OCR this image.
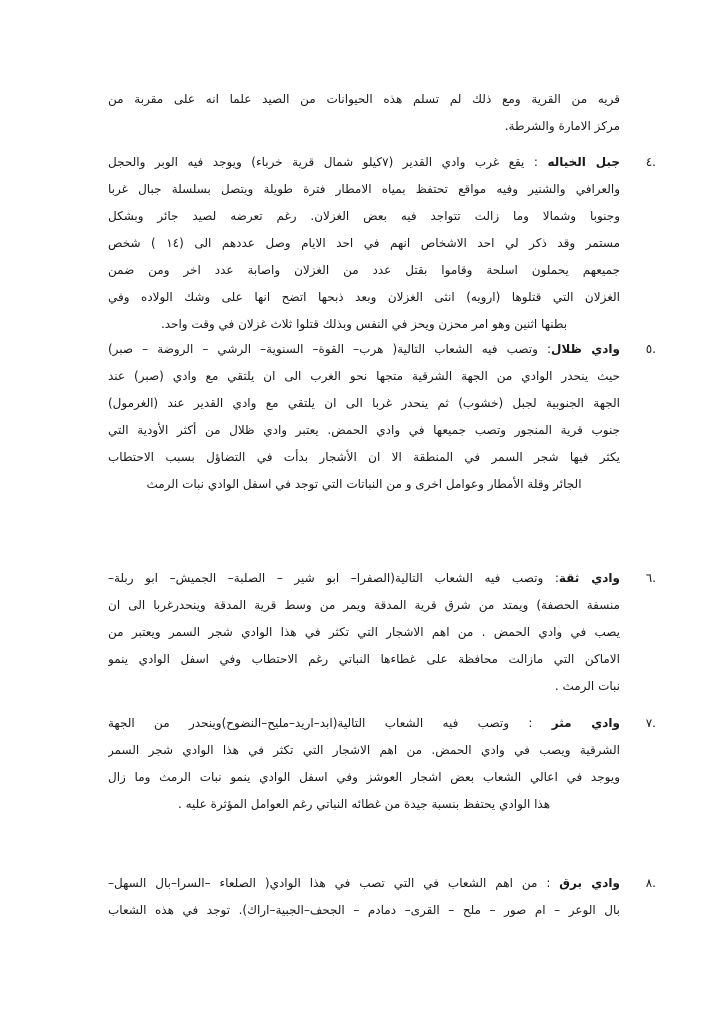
قريه من القرية ومع ذلك لم تسلم هذه الحيوانات من الصيد علما انه على مقربة من
مركز الامارة والشرطة.
.٤
جبل الخياله : يقع غرب وادي القدير (٧كيلو شمال قرية خرباء) ويوجد فيه الوبر والحجل
والعرافي والشنير وفيه مواقع تحتفظ بمياه الامطار فترة طويلة ويتصل بسلسلة جبال غربا
وجنوبا وشمالا وما زالت تتواجد فيه بعض الغزلان. رغم تعرضه لصيد جائر وبشكل
مستمر وقد ذكر لي احد الاشخاص انهم في احد الايام وصل عددهم الى (١٤ ) شخص
جميعهم يحملون اسلحة وقاموا بقتل عدد من الغزلان واصابة عدد اخر ومن ضمن
الغزلان التي قتلوها (ارويه) انثى الغزلان وبعد ذبحها اتضح انها على وشك الولاده وفي
بطنها اثنين وهو امر محزن ويحز في النفس وبذلك قتلوا ثلاث غزلان في وقت واحد.
.٥
وادي ظلال: وتصب فيه الشعاب التالية( هرب– القوة– السنوية– الرشي – الروضة – صبر)
حيث ينحدر الوادي من الجهة الشرقية متجها نحو الغرب الى ان يلتقي مع وادي (صبر) عند
الجهة الجنوبية لجبل (خشوب) ثم ينحدر غربا الى ان يلتقي مع وادي القدير عند (الغرمول)
جنوب قرية المنجور وتصب جميعها في وادي الحمض. يعتبر وادي ظلال من أكثر الأودية التي
يكثر فيها شجر السمر في المنطقة الا ان الأشجار بدأت في التضاؤل بسبب الاحتطاب
الجائر وقلة الأمطار وعوامل اخرى و من النباتات التي توجد في اسفل الوادي نبات الرمث
.٦
وادي ثقة: وتصب فيه الشعاب التالية(الصفرا– ابو شير – الصلبة– الجميش– ابو ربلة–
منسفة الحصفة) ويمتد من شرق قرية المدقة ويمر من وسط قرية المدقة وينحدرغربا الى ان
يصب في وادي الحمض . من اهم الاشجار التي تكثر في هذا الوادي شجر السمر ويعتبر من
الاماكن التي مازالت محافظة على غطاءها النباتي رغم الاحتطاب وفي اسفل الوادي ينمو
نبات الرمث .
.٧
وادي مثر : وتصب فيه الشعاب التالية(ابد–اريد–مليح–النضوح)وينحدر من الجهة
الشرقية ويصب في وادي الحمض. من اهم الاشجار التي تكثر في هذا الوادي شجر السمر
ويوجد في اعالي الشعاب بعض اشجار العوشز وفي اسفل الوادي ينمو نبات الرمث وما زال
هذا الوادي يحتفظ بنسبة جيدة من غطائه النباتي رغم العوامل المؤثرة عليه .
.٨
وادي برق : من اهم الشعاب في التي تصب في هذا الوادي( الصلعاء –السرا–بال السهل–
بال الوعر – ام صور – ملح – القرى– دمادم – الجحف–الجبية–اراك). توجد في هذه الشعاب
